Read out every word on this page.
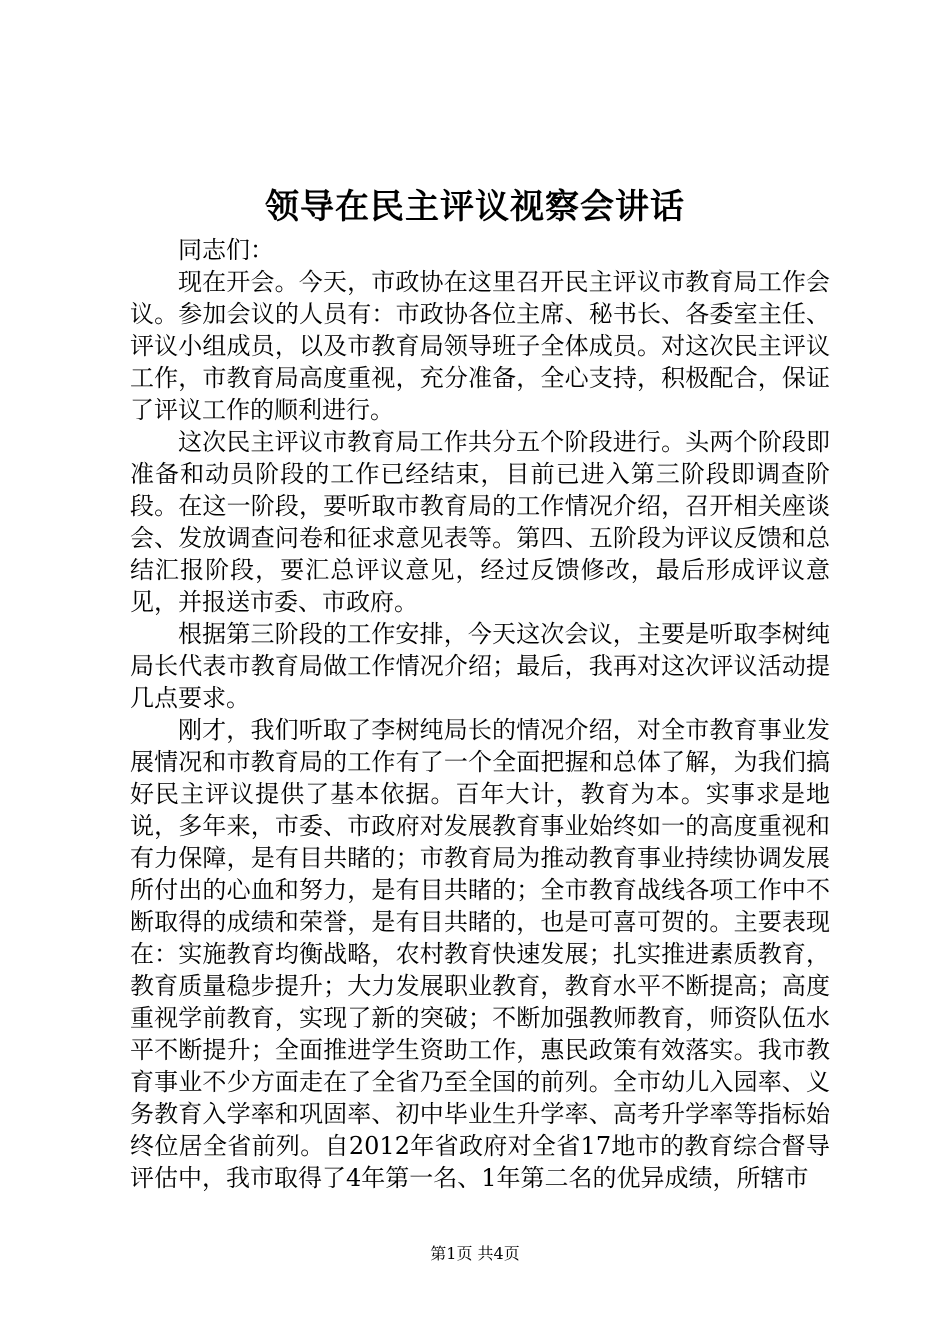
领导在民主评议视察会讲话

同志们：

现在开会。今天，市政协在这里召开民主评议市教育局工作会议。参加会议的人员有：市政协各位主席、秘书长、各委室主任、评议小组成员，以及市教育局领导班子全体成员。对这次民主评议工作，市教育局高度重视，充分准备，全心支持，积极配合，保证了评议工作的顺利进行。

这次民主评议市教育局工作共分五个阶段进行。头两个阶段即准备和动员阶段的工作已经结束，目前已进入第三阶段即调查阶段。在这一阶段，要听取市教育局的工作情况介绍，召开相关座谈会、发放调查问卷和征求意见表等。第四、五阶段为评议反馈和总结汇报阶段，要汇总评议意见，经过反馈修改，最后形成评议意见，并报送市委、市政府。

根据第三阶段的工作安排，今天这次会议，主要是听取李树纯局长代表市教育局做工作情况介绍；最后，我再对这次评议活动提几点要求。

刚才，我们听取了李树纯局长的情况介绍，对全市教育事业发展情况和市教育局的工作有了一个全面把握和总体了解，为我们搞好民主评议提供了基本依据。百年大计，教育为本。实事求是地说，多年来，市委、市政府对发展教育事业始终如一的高度重视和有力保障，是有目共睹的；市教育局为推动教育事业持续协调发展所付出的心血和努力，是有目共睹的；全市教育战线各项工作中不断取得的成绩和荣誉，是有目共睹的，也是可喜可贺的。主要表现在：实施教育均衡战略，农村教育快速发展；扎实推进素质教育，教育质量稳步提升；大力发展职业教育，教育水平不断提高；高度重视学前教育，实现了新的突破；不断加强教师教育，师资队伍水平不断提升；全面推进学生资助工作，惠民政策有效落实。我市教育事业不少方面走在了全省乃至全国的前列。全市幼儿入园率、义务教育入学率和巩固率、初中毕业生升学率、高考升学率等指标始终位居全省前列。自2012年省政府对全省17地市的教育综合督导评估中，我市取得了4年第一名、1年第二名的优异成绩，所辖市

第1页 共4页
